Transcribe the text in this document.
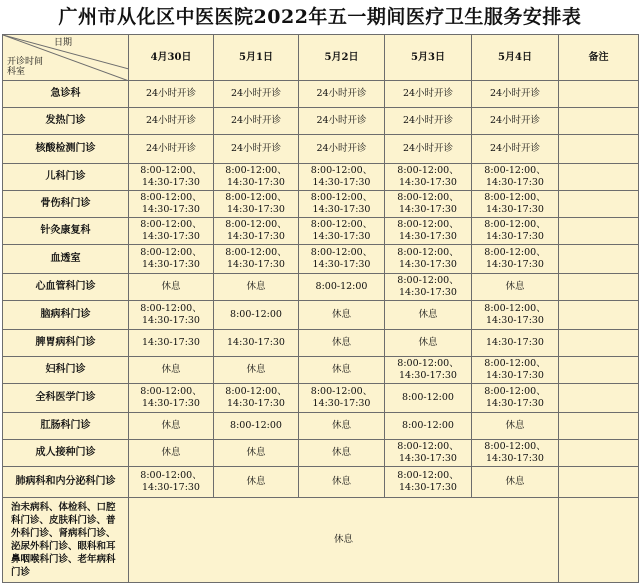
广州市从化区中医医院2022年五一期间医疗卫生服务安排表
日期
开诊时间
科室	4月30日	5月1日	5月2日	5月3日	5月4日	备注
急诊科	24小时开诊	24小时开诊	24小时开诊	24小时开诊	24小时开诊	
发热门诊	24小时开诊	24小时开诊	24小时开诊	24小时开诊	24小时开诊	
核酸检测门诊	24小时开诊	24小时开诊	24小时开诊	24小时开诊	24小时开诊	
儿科门诊	8:00-12:00、
14:30-17:30	8:00-12:00、
14:30-17:30	8:00-12:00、
14:30-17:30	8:00-12:00、
14:30-17:30	8:00-12:00、
14:30-17:30	
骨伤科门诊	8:00-12:00、
14:30-17:30	8:00-12:00、
14:30-17:30	8:00-12:00、
14:30-17:30	8:00-12:00、
14:30-17:30	8:00-12:00、
14:30-17:30	
针灸康复科	8:00-12:00、
14:30-17:30	8:00-12:00、
14:30-17:30	8:00-12:00、
14:30-17:30	8:00-12:00、
14:30-17:30	8:00-12:00、
14:30-17:30	
血透室	8:00-12:00、
14:30-17:30	8:00-12:00、
14:30-17:30	8:00-12:00、
14:30-17:30	8:00-12:00、
14:30-17:30	8:00-12:00、
14:30-17:30	
心血管科门诊	休息	休息	8:00-12:00	8:00-12:00、
14:30-17:30	休息	
脑病科门诊	8:00-12:00、
14:30-17:30	8:00-12:00	休息	休息	8:00-12:00、
14:30-17:30	
脾胃病科门诊	14:30-17:30	14:30-17:30	休息	休息	14:30-17:30	
妇科门诊	休息	休息	休息	8:00-12:00、
14:30-17:30	8:00-12:00、
14:30-17:30	
全科医学门诊	8:00-12:00、
14:30-17:30	8:00-12:00、
14:30-17:30	8:00-12:00、
14:30-17:30	8:00-12:00	8:00-12:00、
14:30-17:30	
肛肠科门诊	休息	8:00-12:00	休息	8:00-12:00	休息	
成人接种门诊	休息	休息	休息	8:00-12:00、
14:30-17:30	8:00-12:00、
14:30-17:30	
肺病科和内分泌科门诊	8:00-12:00、
14:30-17:30	休息	休息	8:00-12:00、
14:30-17:30	休息	
治未病科、体检科、口腔科门诊、皮肤科门诊、普外科门诊、肾病科门诊、泌尿外科门诊、眼科和耳鼻咽喉科门诊、老年病科门诊	休息					
